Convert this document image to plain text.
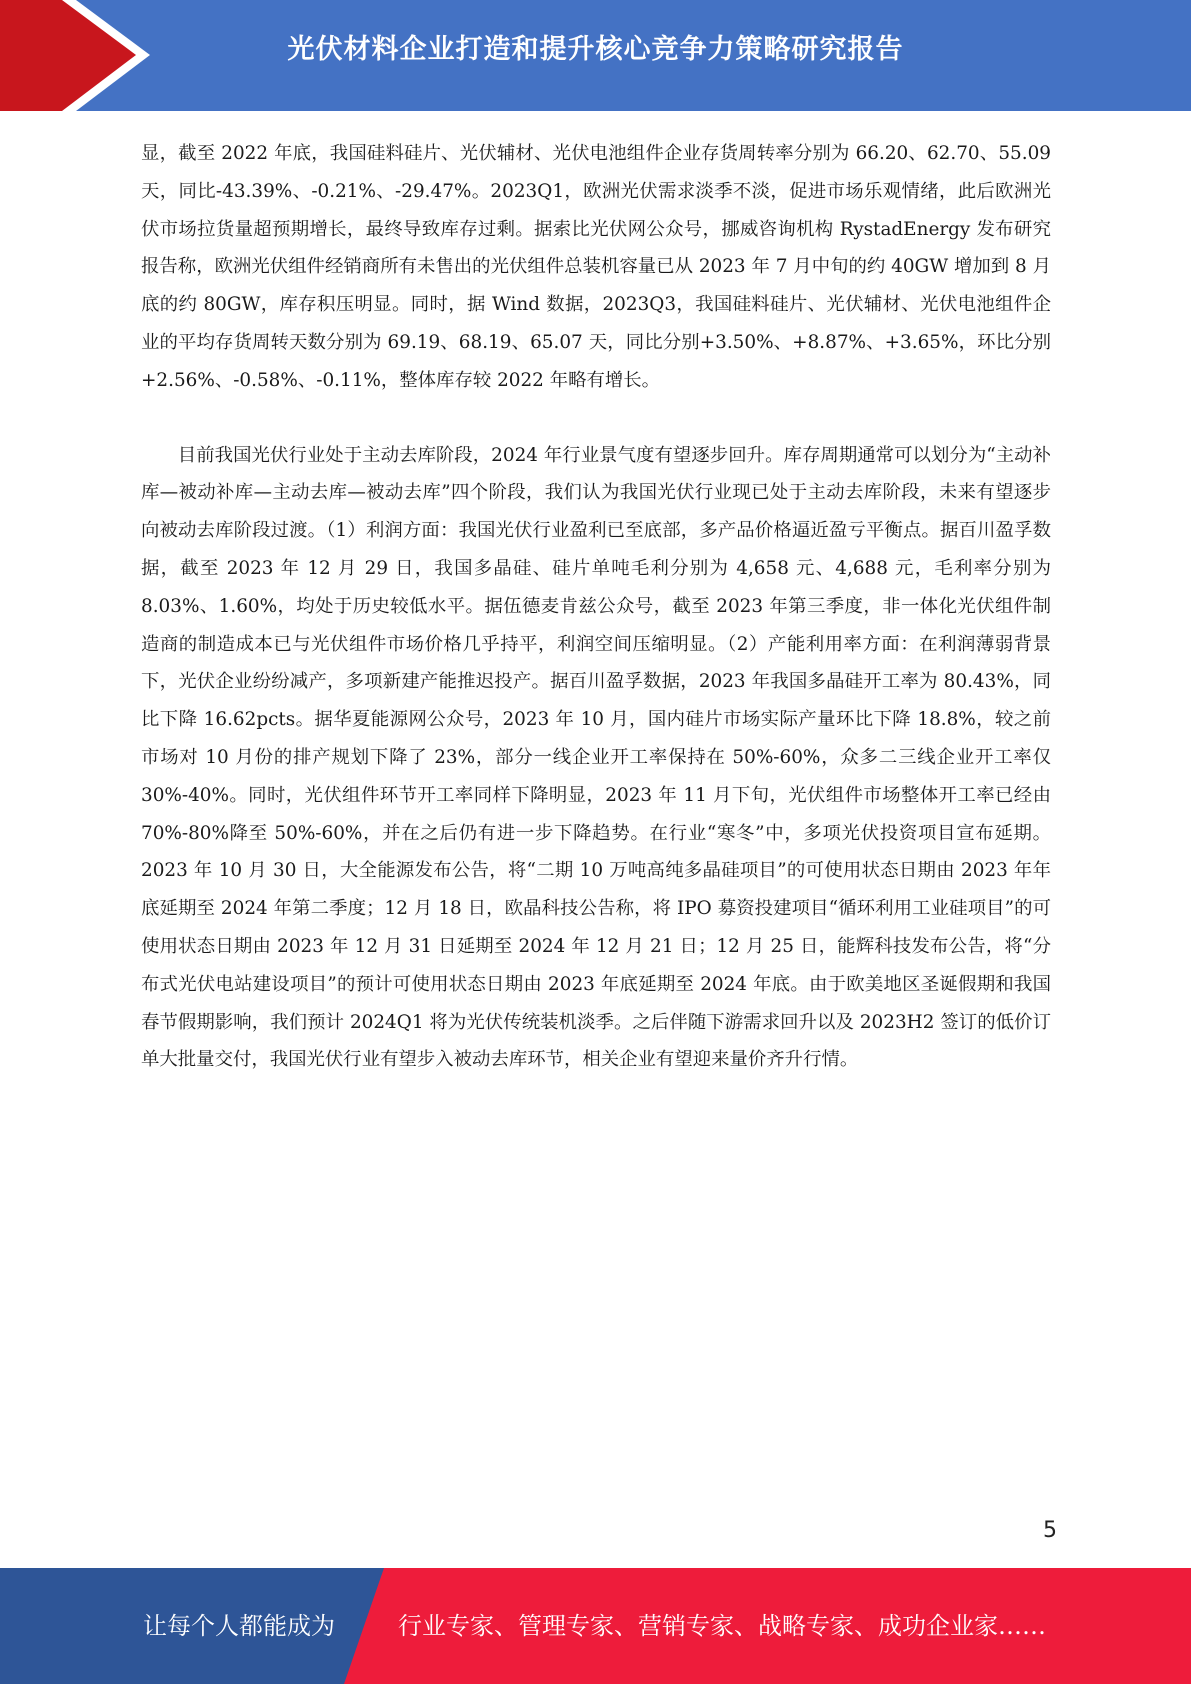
光伏材料企业打造和提升核心竞争力策略研究报告

显，截至 2022 年底，我国硅料硅片、光伏辅材、光伏电池组件企业存货周转率分别为 66.20、62.70、55.09 天，同比-43.39%、-0.21%、-29.47%。2023Q1，欧洲光伏需求淡季不淡，促进市场乐观情绪，此后欧洲光伏市场拉货量超预期增长，最终导致库存过剩。据索比光伏网公众号，挪威咨询机构 RystadEnergy 发布研究报告称，欧洲光伏组件经销商所有未售出的光伏组件总装机容量已从 2023 年 7 月中旬的约 40GW 增加到 8 月底的约 80GW，库存积压明显。同时，据 Wind 数据，2023Q3，我国硅料硅片、光伏辅材、光伏电池组件企业的平均存货周转天数分别为 69.19、68.19、65.07 天，同比分别+3.50%、+8.87%、+3.65%，环比分别+2.56%、-0.58%、-0.11%，整体库存较 2022 年略有增长。

目前我国光伏行业处于主动去库阶段，2024 年行业景气度有望逐步回升。库存周期通常可以划分为“主动补库—被动补库—主动去库—被动去库”四个阶段，我们认为我国光伏行业现已处于主动去库阶段，未来有望逐步向被动去库阶段过渡。（1）利润方面：我国光伏行业盈利已至底部，多产品价格逼近盈亏平衡点。据百川盈孚数据，截至 2023 年 12 月 29 日，我国多晶硅、硅片单吨毛利分别为 4,658 元、4,688 元，毛利率分别为 8.03%、1.60%，均处于历史较低水平。据伍德麦肯兹公众号，截至 2023 年第三季度，非一体化光伏组件制造商的制造成本已与光伏组件市场价格几乎持平，利润空间压缩明显。（2）产能利用率方面：在利润薄弱背景下，光伏企业纷纷减产，多项新建产能推迟投产。据百川盈孚数据，2023 年我国多晶硅开工率为 80.43%，同比下降 16.62pcts。据华夏能源网公众号，2023 年 10 月，国内硅片市场实际产量环比下降 18.8%，较之前市场对 10 月份的排产规划下降了 23%，部分一线企业开工率保持在 50%-60%，众多二三线企业开工率仅 30%-40%。同时，光伏组件环节开工率同样下降明显，2023 年 11 月下旬，光伏组件市场整体开工率已经由 70%-80%降至 50%-60%，并在之后仍有进一步下降趋势。在行业“寒冬”中，多项光伏投资项目宣布延期。2023 年 10 月 30 日，大全能源发布公告，将“二期 10 万吨高纯多晶硅项目”的可使用状态日期由 2023 年年底延期至 2024 年第二季度；12 月 18 日，欧晶科技公告称，将 IPO 募资投建项目“循环利用工业硅项目”的可使用状态日期由 2023 年 12 月 31 日延期至 2024 年 12 月 21 日；12 月 25 日，能辉科技发布公告，将“分布式光伏电站建设项目”的预计可使用状态日期由 2023 年底延期至 2024 年底。由于欧美地区圣诞假期和我国春节假期影响，我们预计 2024Q1 将为光伏传统装机淡季。之后伴随下游需求回升以及 2023H2 签订的低价订单大批量交付，我国光伏行业有望步入被动去库环节，相关企业有望迎来量价齐升行情。

5
让每个人都能成为	行业专家、管理专家、营销专家、战略专家、成功企业家……
